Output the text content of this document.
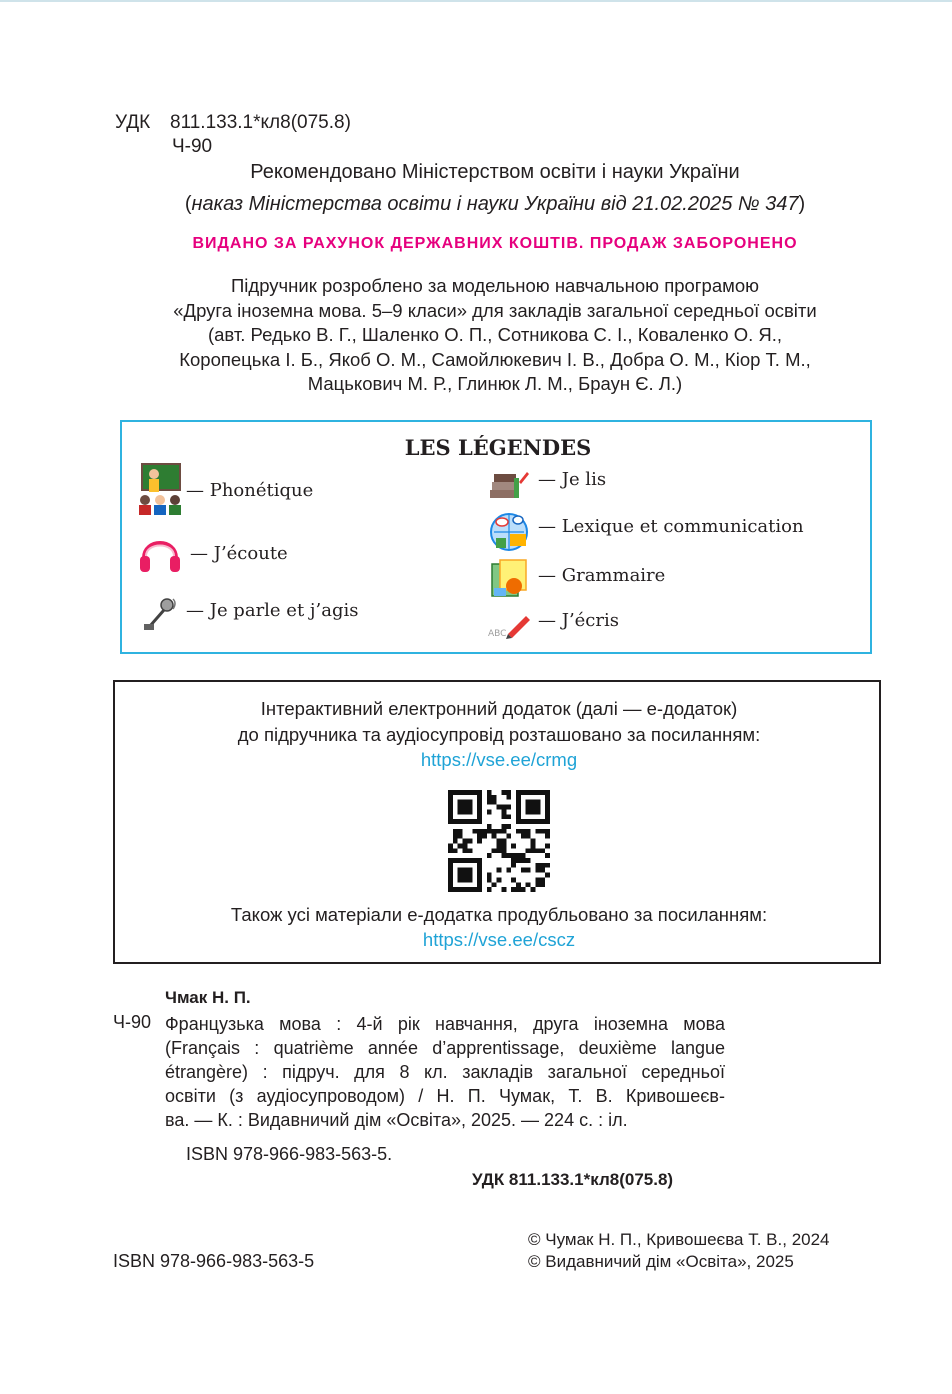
УДК 811.133.1*кл8(075.8)
Ч-90
Рекомендовано Міністерством освіти і науки України
(наказ Міністерства освіти і науки України від 21.02.2025 № 347)
ВИДАНО ЗА РАХУНОК ДЕРЖАВНИХ КОШТІВ. ПРОДАЖ ЗАБОРОНЕНО
Підручник розроблено за модельною навчальною програмою
«Друга іноземна мова. 5–9 класи» для закладів загальної середньої освіти
(авт. Редько В. Г., Шаленко О. П., Сотникова С. І., Коваленко О. Я.,
Коропецька І. Б., Якоб О. М., Самойлюкевич І. В., Добра О. М., Кіор Т. М.,
Мацькович М. Р., Глинюк Л. М., Браун Є. Л.)
LES LÉGENDES
— Phonétique
— J’écoute
— Je parle et j’agis
— Je lis
— Lexique et communication
— Grammaire
ABC
— J’écris
Інтерактивний електронний додаток (далі — е-додаток)
до підручника та аудіосупровід розташовано за посиланням:
https://vse.ee/crmg
Також усі матеріали е-додатка продубльовано за посиланням:
https://vse.ee/cscz
Чмак Н. П.
Ч-90 Французька мова : 4-й рік навчання, друга іноземна мова
(Français : quatrième année d’apprentissage, deuxième langue
étrangère) : підруч. для 8 кл. закладів загальної середньої
освіти (з аудіосупроводом) / Н. П. Чумак, Т. В. Кривошеєв-
ва. — К. : Видавничий дім «Освіта», 2025. — 224 с. : іл.
ISBN 978-966-983-563-5.
УДК 811.133.1*кл8(075.8)
© Чумак Н. П., Кривошеєва Т. В., 2024
© Видавничий дім «Освіта», 2025
ISBN 978-966-983-563-5
